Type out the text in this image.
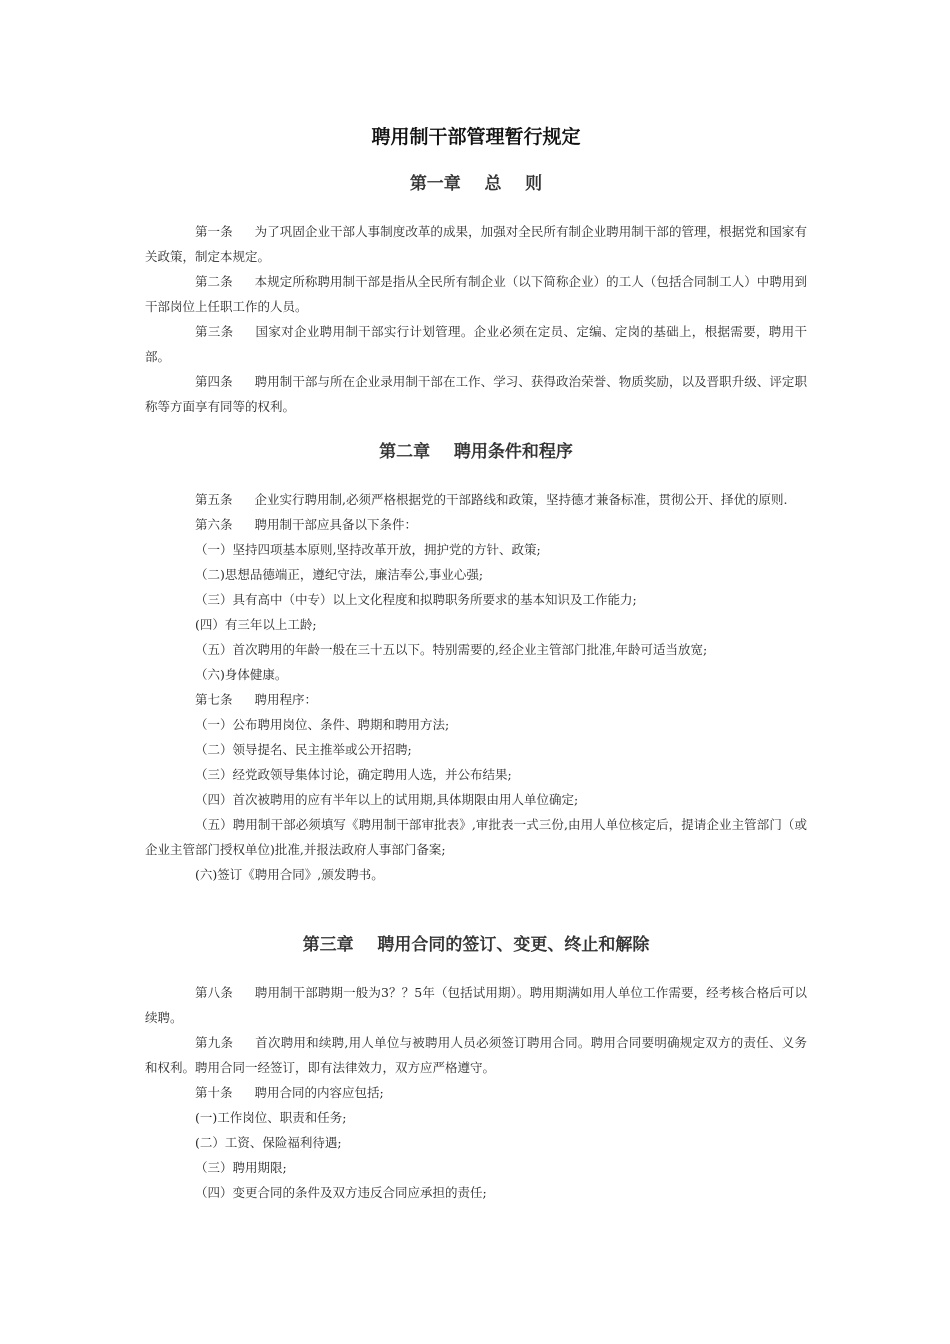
聘用制干部管理暂行规定
第一章    总    则

第一条 为了巩固企业干部人事制度改革的成果，加强对全民所有制企业聘用制干部的管理，根据党和国家有关政策，制定本规定。

第二条 本规定所称聘用制干部是指从全民所有制企业（以下简称企业）的工人（包括合同制工人）中聘用到干部岗位上任职工作的人员。

第三条 国家对企业聘用制干部实行计划管理。企业必须在定员、定编、定岗的基础上，根据需要，聘用干部。

第四条 聘用制干部与所在企业录用制干部在工作、学习、获得政治荣誉、物质奖励，以及晋职升级、评定职称等方面享有同等的权利。

第二章    聘用条件和程序

第五条 企业实行聘用制,必须严格根据党的干部路线和政策，坚持德才兼备标准，贯彻公开、择优的原则.

第六条 聘用制干部应具备以下条件：

（一）坚持四项基本原则,坚持改革开放，拥护党的方针、政策;

（二)思想品德端正，遵纪守法，廉洁奉公,事业心强;

（三）具有高中（中专）以上文化程度和拟聘职务所要求的基本知识及工作能力;

(四）有三年以上工龄;

（五）首次聘用的年龄一般在三十五以下。特别需要的,经企业主管部门批准,年龄可适当放宽;

（六)身体健康。

第七条 聘用程序：

（一）公布聘用岗位、条件、聘期和聘用方法;

（二）领导提名、民主推举或公开招聘;

（三）经党政领导集体讨论，确定聘用人选，并公布结果;

（四）首次被聘用的应有半年以上的试用期,具体期限由用人单位确定;

（五）聘用制干部必须填写《聘用制干部审批表》,审批表一式三份,由用人单位核定后，提请企业主管部门（或企业主管部门授权单位)批准,并报法政府人事部门备案;

(六)签订《聘用合同》,颁发聘书。

第三章    聘用合同的签订、变更、终止和解除

第八条 聘用制干部聘期一般为3？？5年（包括试用期）。聘用期满如用人单位工作需要，经考核合格后可以续聘。

第九条 首次聘用和续聘,用人单位与被聘用人员必须签订聘用合同。聘用合同要明确规定双方的责任、义务和权利。聘用合同一经签订，即有法律效力，双方应严格遵守。

第十条 聘用合同的内容应包括;

(一)工作岗位、职责和任务;

(二）工资、保险福利待遇;

（三）聘用期限;

（四）变更合同的条件及双方违反合同应承担的责任;
